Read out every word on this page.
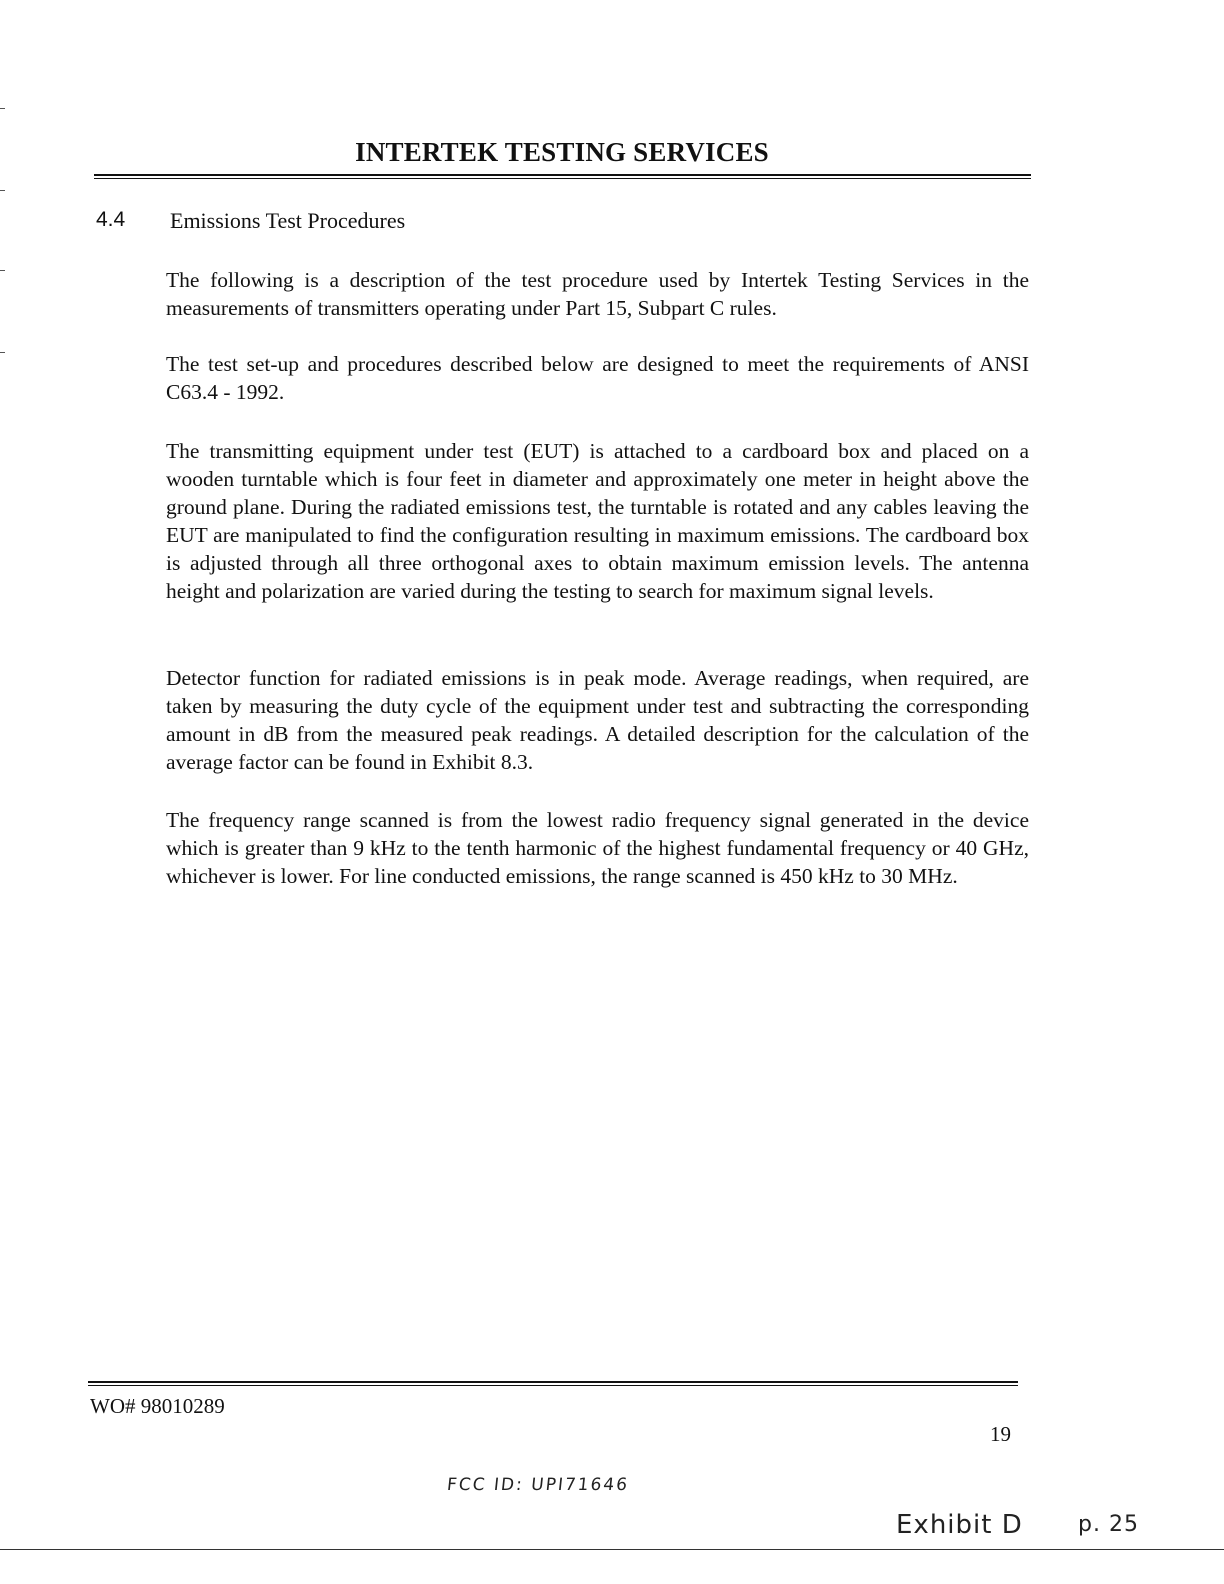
INTERTEK TESTING SERVICES
4.4 Emissions Test Procedures

The following is a description of the test procedure used by Intertek Testing Services in the measurements of transmitters operating under Part 15, Subpart C rules.

The test set-up and procedures described below are designed to meet the requirements of ANSI C63.4 - 1992.

The transmitting equipment under test (EUT) is attached to a cardboard box and placed on a wooden turntable which is four feet in diameter and approximately one meter in height above the ground plane. During the radiated emissions test, the turntable is rotated and any cables leaving the EUT are manipulated to find the configuration resulting in maximum emissions. The cardboard box is adjusted through all three orthogonal axes to obtain maximum emission levels. The antenna height and polarization are varied during the testing to search for maximum signal levels.

Detector function for radiated emissions is in peak mode. Average readings, when required, are taken by measuring the duty cycle of the equipment under test and subtracting the corresponding amount in dB from the measured peak readings. A detailed description for the calculation of the average factor can be found in Exhibit 8.3.

The frequency range scanned is from the lowest radio frequency signal generated in the device which is greater than 9 kHz to the tenth harmonic of the highest fundamental frequency or 40 GHz, whichever is lower. For line conducted emissions, the range scanned is 450 kHz to 30 MHz.

WO# 98010289
19
FCC ID: UPI71646
Exhibit D	p. 25
